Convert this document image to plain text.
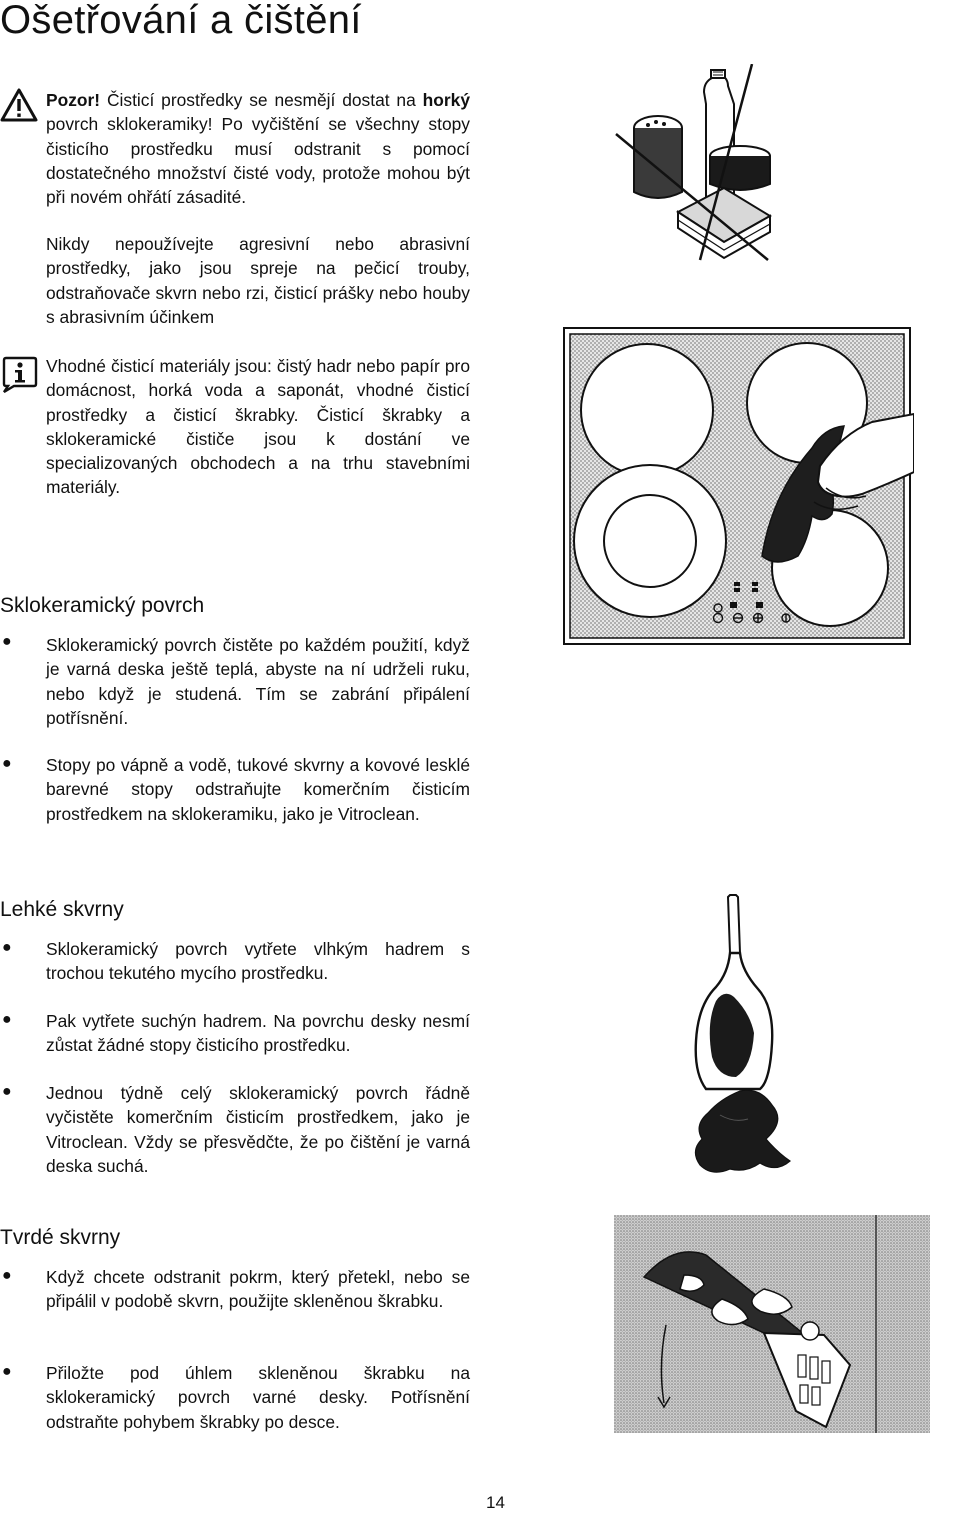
Ošetřování a čištění
Pozor! Čisticí prostředky se nesmějí dostat na horký povrch sklokeramiky! Po vyčištění se všechny stopy čisticího prostředku musí odstranit s pomocí dostatečného množství čisté vody, protože mohou být při novém ohřátí zásadité.
Nikdy nepoužívejte agresivní nebo abrasivní prostředky, jako jsou spreje na pečicí trouby, odstraňovače skvrn nebo rzi, čisticí prášky nebo houby s abrasivním účinkem
Vhodné čisticí materiály jsou: čistý hadr nebo papír pro domácnost, horká voda a saponát, vhodné čisticí prostředky a čisticí škrabky. Čisticí škrabky a sklokeramické čističe jsou k dostání ve specializovaných obchodech a na trhu stavebními materiály.
Sklokeramický povrch
● Sklokeramický povrch čistěte po každém použití, když je varná deska ještě teplá, abyste na ní udrželi ruku, nebo když je studená. Tím se zabrání připálení potřísnění.
● Stopy po vápně a vodě, tukové skvrny a kovové lesklé barevné stopy odstraňujte komerčním čisticím prostředkem na sklokeramiku, jako je Vitroclean.
Lehké skvrny
● Sklokeramický povrch vytřete vlhkým hadrem s trochou tekutého mycího prostředku.
● Pak vytřete suchýn hadrem. Na povrchu desky nesmí zůstat žádné stopy čisticího prostředku.
● Jednou týdně celý sklokeramický povrch řádně vyčistěte komerčním čisticím prostředkem, jako je Vitroclean. Vždy se přesvědčte, že po čištění je varná deska suchá.
Tvrdé skvrny
● Když chcete odstranit pokrm, který přetekl, nebo se připálil v podobě skvrn, použijte skleněnou škrabku.
● Přiložte pod úhlem skleněnou škrabku na sklokeramický povrch varné desky. Potřísnění odstraňte pohybem škrabky po desce.
14
